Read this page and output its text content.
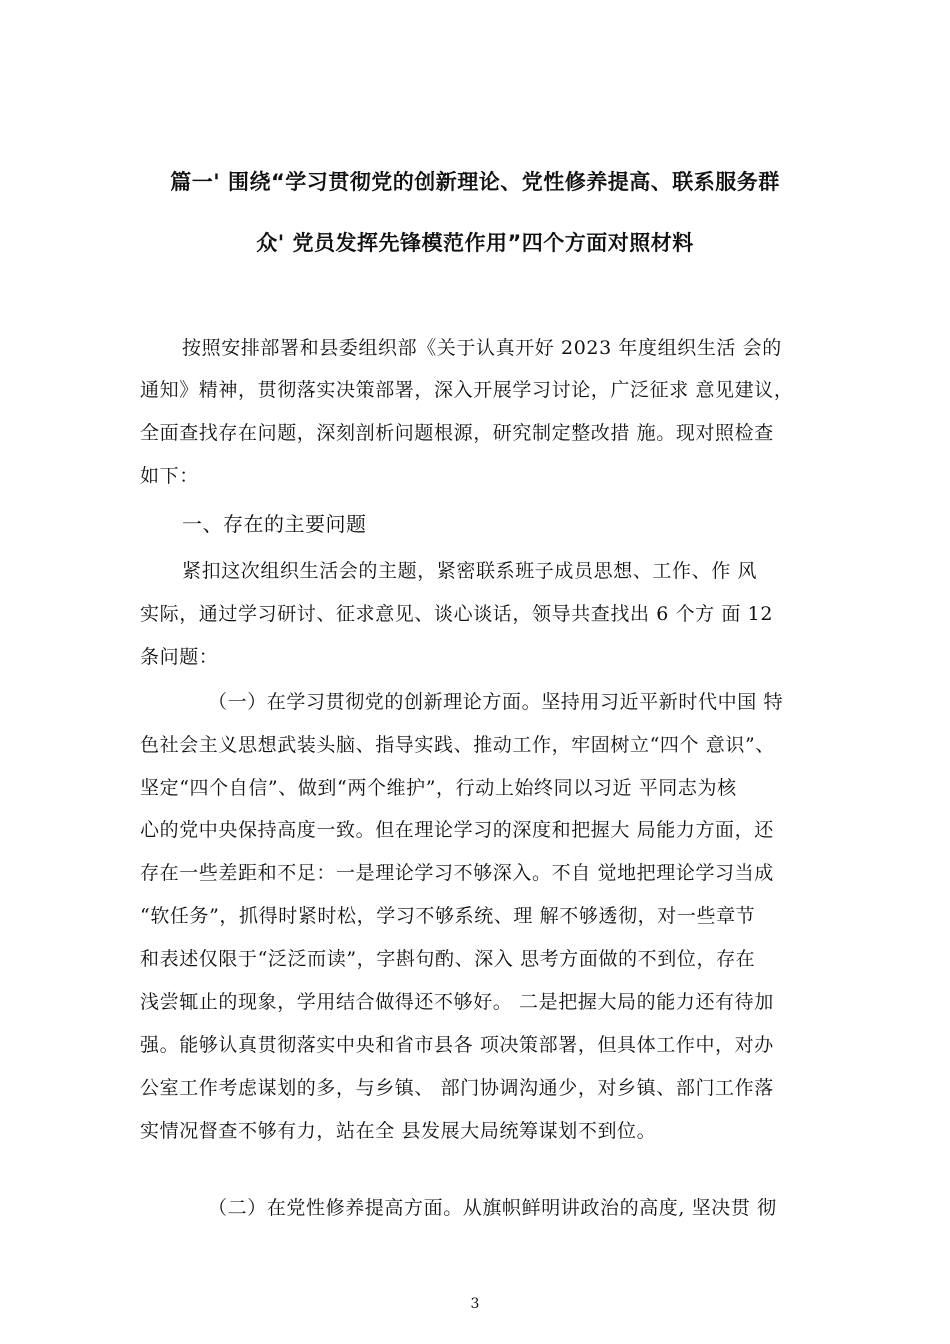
篇一' 围绕“学习贯彻党的创新理论、党性修养提高、联系服务群
众' 党员发挥先锋模范作用”四个方面对照材料
按照安排部署和县委组织部《关于认真开好 2023 年度组织生活 会的
通知》精神，贯彻落实决策部署，深入开展学习讨论，广泛征求 意见建议，
全面查找存在问题，深刻剖析问题根源，研究制定整改措 施。现对照检查
如下：
一、存在的主要问题
紧扣这次组织生活会的主题，紧密联系班子成员思想、工作、作 风
实际，通过学习研讨、征求意见、谈心谈话，领导共查找出 6 个方 面 12
条问题：
（一）在学习贯彻党的创新理论方面。坚持用习近平新时代中国 特
色社会主义思想武装头脑、指导实践、推动工作，牢固树立“四个 意识”、
坚定“四个自信”、做到“两个维护”，行动上始终同以习近 平同志为核
心的党中央保持高度一致。但在理论学习的深度和把握大 局能力方面，还
存在一些差距和不足：一是理论学习不够深入。不自 觉地把理论学习当成
“软任务”，抓得时紧时松，学习不够系统、理 解不够透彻，对一些章节
和表述仅限于“泛泛而读”，字斟句酌、深入 思考方面做的不到位，存在
浅尝辄止的现象，学用结合做得还不够好。 二是把握大局的能力还有待加
强。能够认真贯彻落实中央和省市县各 项决策部署，但具体工作中，对办
公室工作考虑谋划的多，与乡镇、 部门协调沟通少，对乡镇、部门工作落
实情况督查不够有力，站在全 县发展大局统筹谋划不到位。
（二）在党性修养提高方面。从旗帜鲜明讲政治的高度, 坚决贯 彻
3
